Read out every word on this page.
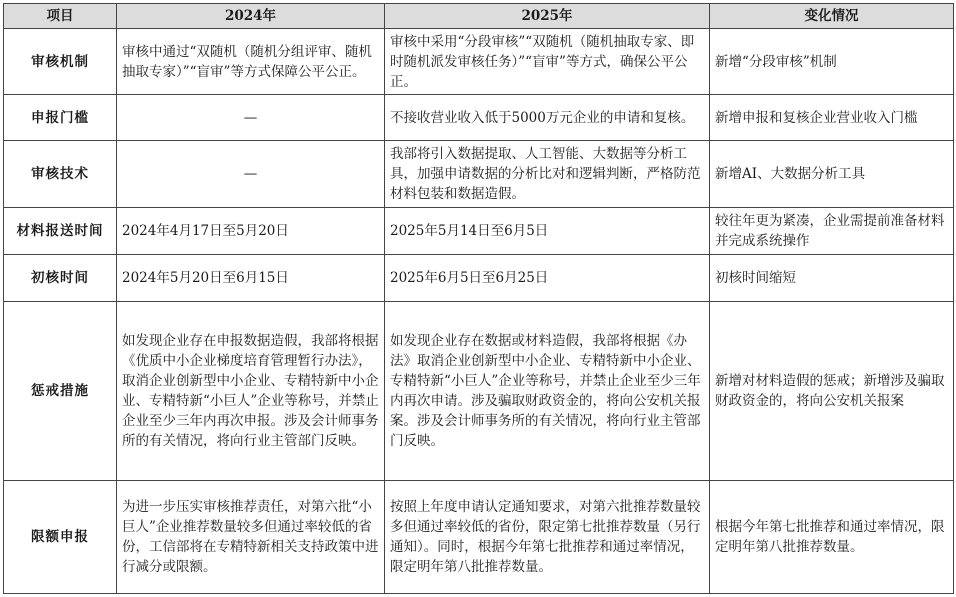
项目	2024年	2025年	变化情况
审核机制	审核中通过“双随机（随机分组评审、随机抽取专家）”“盲审”等方式保障公平公正。	审核中采用“分段审核”“双随机（随机抽取专家、即时随机派发审核任务）”“盲审”等方式，确保公平公正。	新增“分段审核”机制
申报门槛	—	不接收营业收入低于5000万元企业的申请和复核。	新增申报和复核企业营业收入门槛
审核技术	—	我部将引入数据提取、人工智能、大数据等分析工具，加强申请数据的分析比对和逻辑判断，严格防范材料包装和数据造假。	新增AI、大数据分析工具
材料报送时间	2024年4月17日至5月20日	2025年5月14日至6月5日	较往年更为紧凑，企业需提前准备材料并完成系统操作
初核时间	2024年5月20日至6月15日	2025年6月5日至6月25日	初核时间缩短
惩戒措施	如发现企业存在申报数据造假，我部将根据《优质中小企业梯度培育管理暂行办法》，取消企业创新型中小企业、专精特新中小企业、专精特新“小巨人”企业等称号，并禁止企业至少三年内再次申报。涉及会计师事务所的有关情况，将向行业主管部门反映。	如发现企业存在数据或材料造假，我部将根据《办法》取消企业创新型中小企业、专精特新中小企业、专精特新“小巨人”企业等称号，并禁止企业至少三年内再次申请。涉及骗取财政资金的，将向公安机关报案。涉及会计师事务所的有关情况，将向行业主管部门反映。	新增对材料造假的惩戒；新增涉及骗取财政资金的，将向公安机关报案
限额申报	为进一步压实审核推荐责任，对第六批“小巨人”企业推荐数量较多但通过率较低的省份，工信部将在专精特新相关支持政策中进行减分或限额。	按照上年度申请认定通知要求，对第六批推荐数量较多但通过率较低的省份，限定第七批推荐数量（另行通知）。同时，根据今年第七批推荐和通过率情况，限定明年第八批推荐数量。	根据今年第七批推荐和通过率情况，限定明年第八批推荐数量。
